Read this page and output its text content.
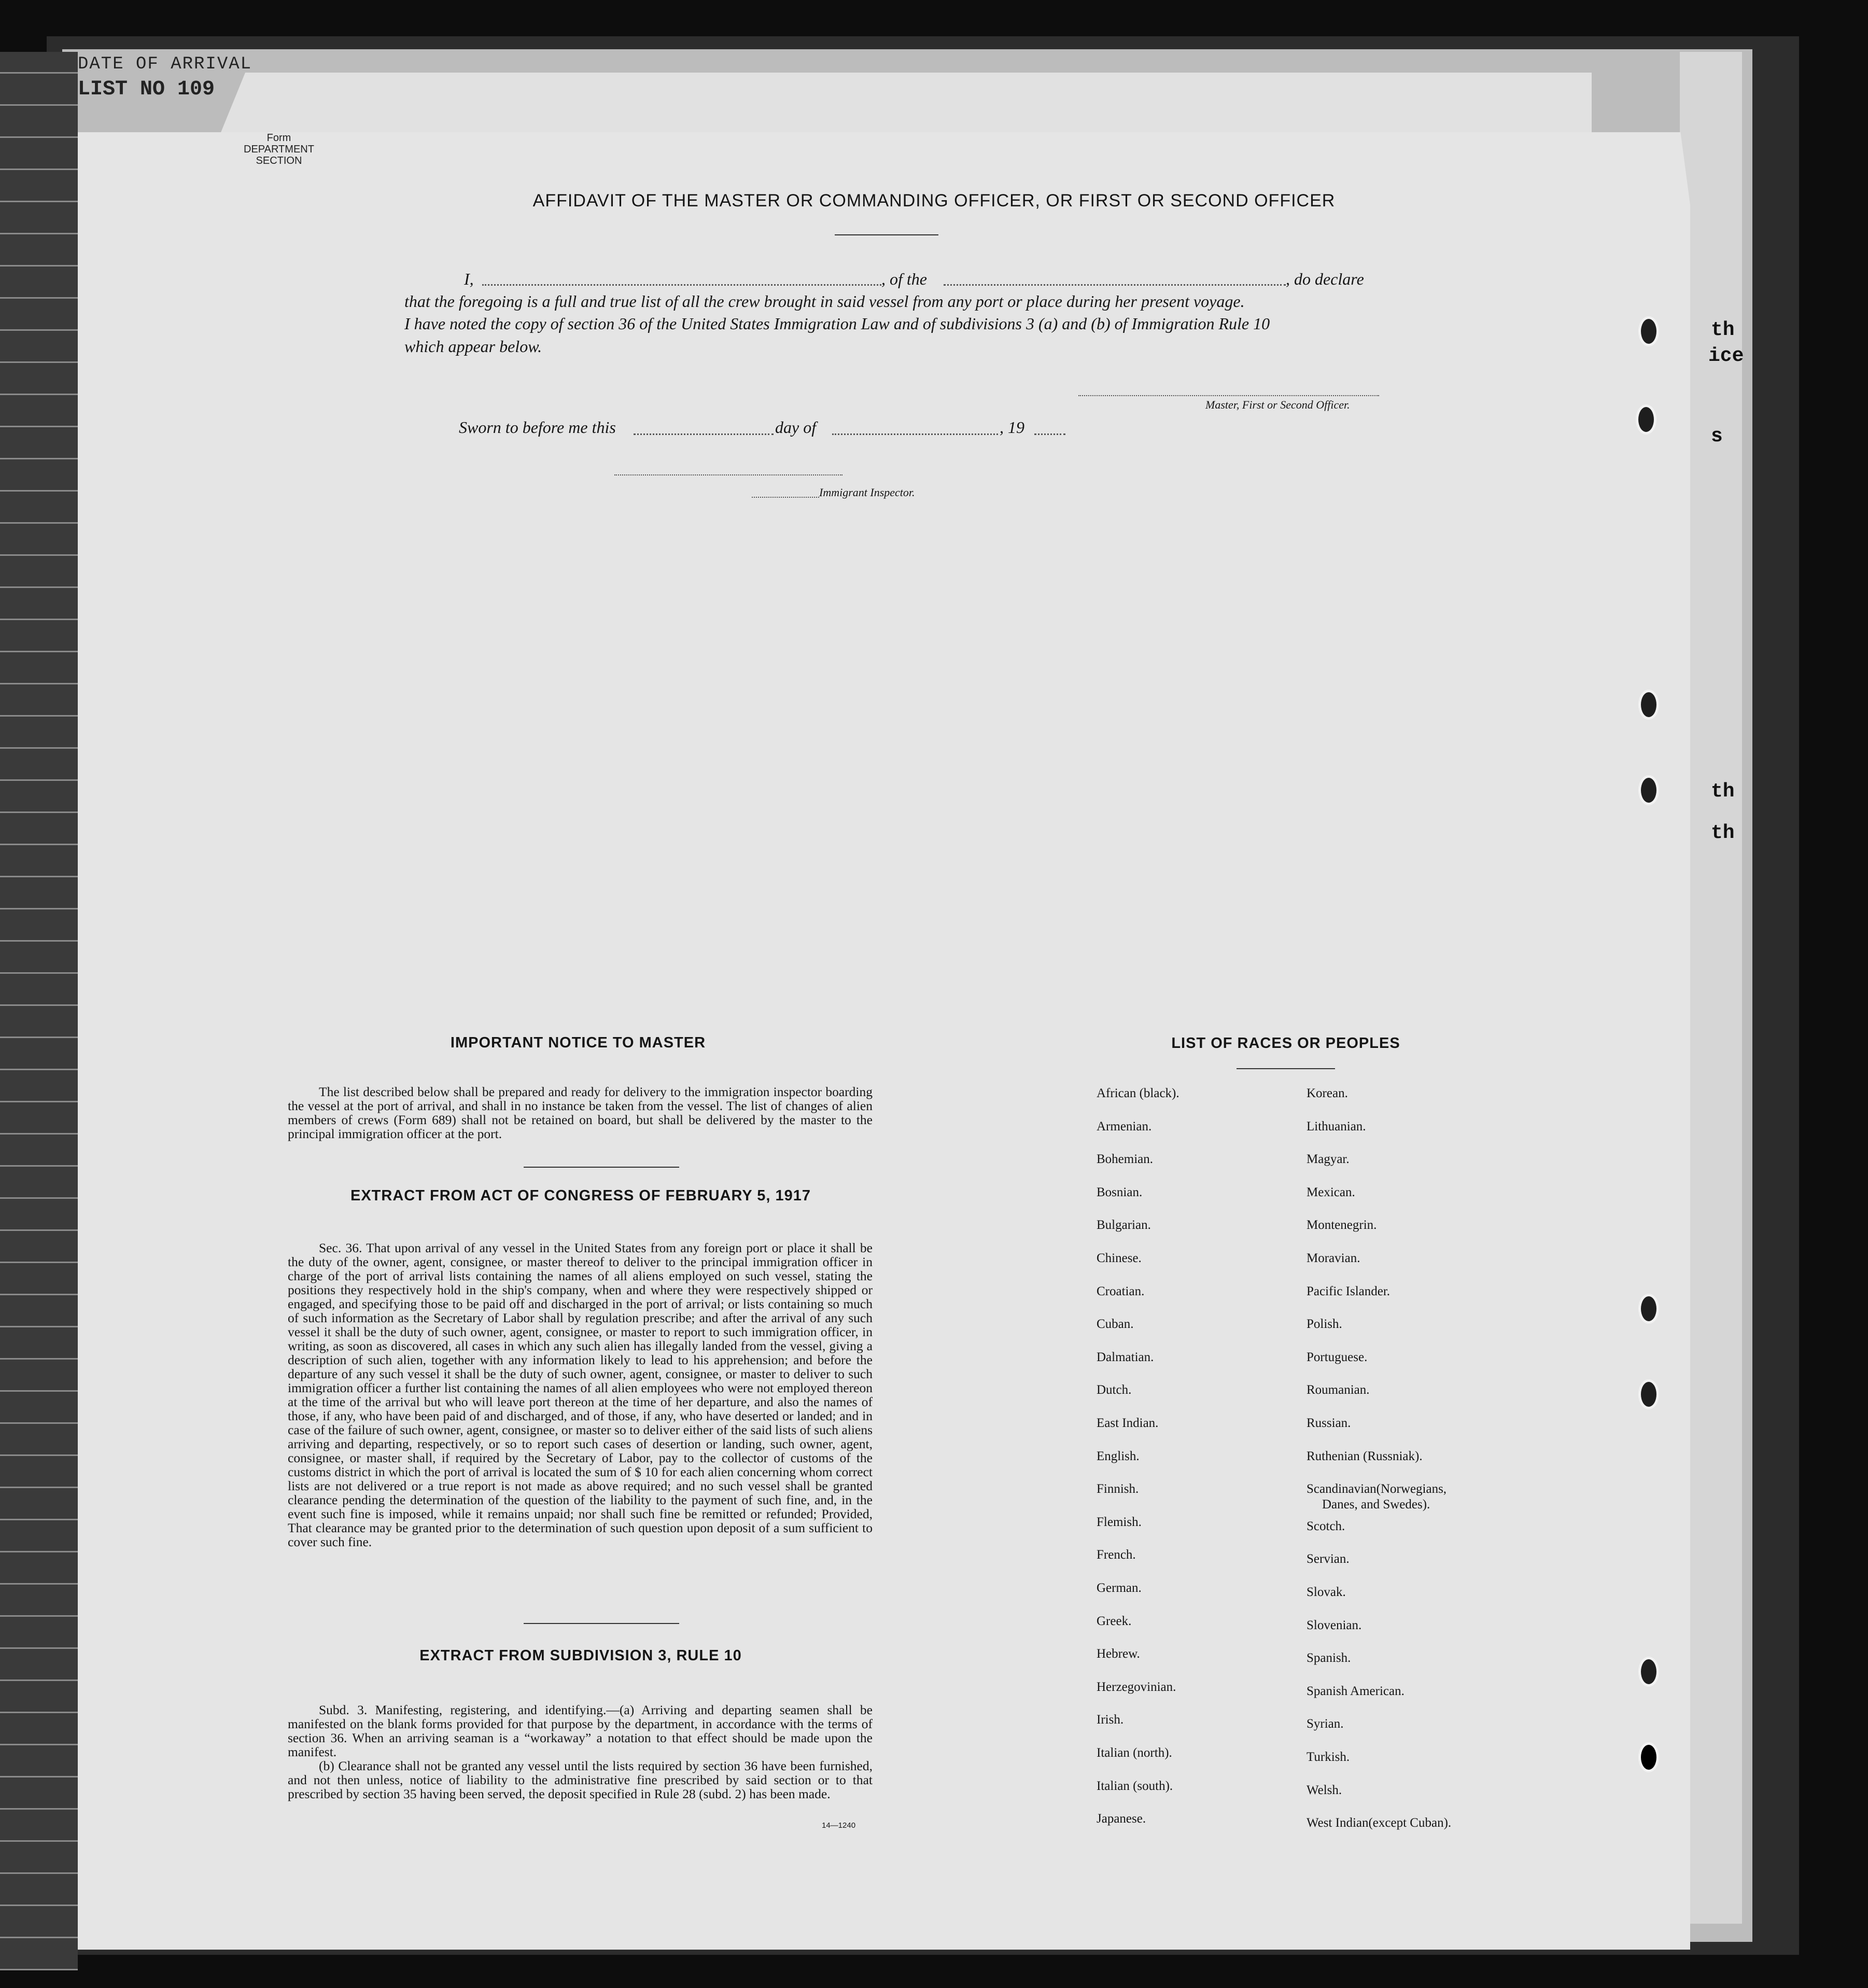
DATE OF ARRIVAL
LIST NO 109
th
ice
s
th
th
Form
DEPARTMENT
SECTION
AFFIDAVIT OF THE MASTER OR COMMANDING OFFICER, OR FIRST OR SECOND OFFICER
I,	, of the	, do declare
that the foregoing is a full and true list of all the crew brought in said vessel from any port or place during her present voyage.
I have noted the copy of section 36 of the United States Immigration Law and of subdivisions 3 (a) and (b) of Immigration Rule 10
which appear below.
Master, First or Second Officer.
Sworn to before me this	day of	, 19
Immigrant Inspector.
IMPORTANT NOTICE TO MASTER

The list described below shall be prepared and ready for delivery to the immigration inspector boarding the vessel at the port of arrival, and shall in no instance be taken from the vessel. The list of changes of alien members of crews (Form 689) shall not be retained on board, but shall be delivered by the master to the principal immigration officer at the port.

EXTRACT FROM ACT OF CONGRESS OF FEBRUARY 5, 1917

Sec. 36. That upon arrival of any vessel in the United States from any foreign port or place it shall be the duty of the owner, agent, consignee, or master thereof to deliver to the principal immigration officer in charge of the port of arrival lists containing the names of all aliens employed on such vessel, stating the positions they respectively hold in the ship's company, when and where they were respectively shipped or engaged, and specifying those to be paid off and discharged in the port of arrival; or lists containing so much of such information as the Secretary of Labor shall by regulation prescribe; and after the arrival of any such vessel it shall be the duty of such owner, agent, consignee, or master to report to such immigration officer, in writing, as soon as discovered, all cases in which any such alien has illegally landed from the vessel, giving a description of such alien, together with any information likely to lead to his apprehension; and before the departure of any such vessel it shall be the duty of such owner, agent, consignee, or master to deliver to such immigration officer a further list containing the names of all alien employees who were not employed thereon at the time of the arrival but who will leave port thereon at the time of her departure, and also the names of those, if any, who have been paid of and discharged, and of those, if any, who have deserted or landed; and in case of the failure of such owner, agent, consignee, or master so to deliver either of the said lists of such aliens arriving and departing, respectively, or so to report such cases of desertion or landing, such owner, agent, consignee, or master shall, if required by the Secretary of Labor, pay to the collector of customs of the customs district in which the port of arrival is located the sum of $ 10 for each alien concerning whom correct lists are not delivered or a true report is not made as above required; and no such vessel shall be granted clearance pending the determination of the question of the liability to the payment of such fine, and, in the event such fine is imposed, while it remains unpaid; nor shall such fine be remitted or refunded; Provided, That clearance may be granted prior to the determination of such question upon deposit of a sum sufficient to cover such fine.

EXTRACT FROM SUBDIVISION 3, RULE 10

Subd. 3. Manifesting, registering, and identifying.—(a) Arriving and departing seamen shall be manifested on the blank forms provided for that purpose by the department, in accordance with the terms of section 36. When an arriving seaman is a “workaway” a notation to that effect should be made upon the manifest.

(b) Clearance shall not be granted any vessel until the lists required by section 36 have been furnished, and not then unless, notice of liability to the administrative fine prescribed by said section or to that prescribed by section 35 having been served, the deposit specified in Rule 28 (subd. 2) has been made.

14—1240
LIST OF RACES OR PEOPLES
African (black).
Armenian.
Bohemian.
Bosnian.
Bulgarian.
Chinese.
Croatian.
Cuban.
Dalmatian.
Dutch.
East Indian.
English.
Finnish.
Flemish.
French.
German.
Greek.
Hebrew.
Herzegovinian.
Irish.
Italian (north).
Italian (south).
Japanese.
Korean.
Lithuanian.
Magyar.
Mexican.
Montenegrin.
Moravian.
Pacific Islander.
Polish.
Portuguese.
Roumanian.
Russian.
Ruthenian (Russniak).
Scandinavian(Norwegians,
Danes, and Swedes).
Scotch.
Servian.
Slovak.
Slovenian.
Spanish.
Spanish American.
Syrian.
Turkish.
Welsh.
West Indian(except Cuban).
